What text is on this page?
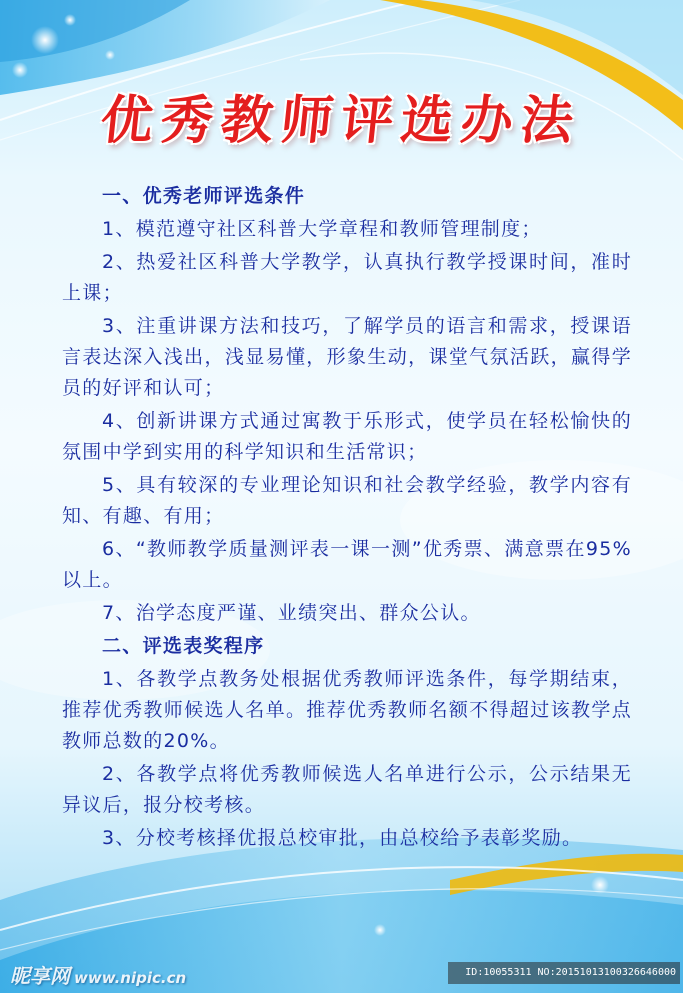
优秀教师评选办法
一、优秀老师评选条件
1、模范遵守社区科普大学章程和教师管理制度；
2、热爱社区科普大学教学，认真执行教学授课时间，准时上课；
3、注重讲课方法和技巧，了解学员的语言和需求，授课语言表达深入浅出，浅显易懂，形象生动，课堂气氛活跃，赢得学员的好评和认可；
4、创新讲课方式通过寓教于乐形式，使学员在轻松愉快的氛围中学到实用的科学知识和生活常识；
5、具有较深的专业理论知识和社会教学经验，教学内容有知、有趣、有用；
6、“教师教学质量测评表一课一测”优秀票、满意票在95%以上。
7、治学态度严谨、业绩突出、群众公认。
二、评选表奖程序
1、各教学点教务处根据优秀教师评选条件，每学期结束，推荐优秀教师候选人名单。推荐优秀教师名额不得超过该教学点教师总数的20%。
2、各教学点将优秀教师候选人名单进行公示，公示结果无异议后，报分校考核。
3、分校考核择优报总校审批，由总校给予表彰奖励。
昵享网 www.nipic.cn	ID:10055311 NO:20151013100326646000
